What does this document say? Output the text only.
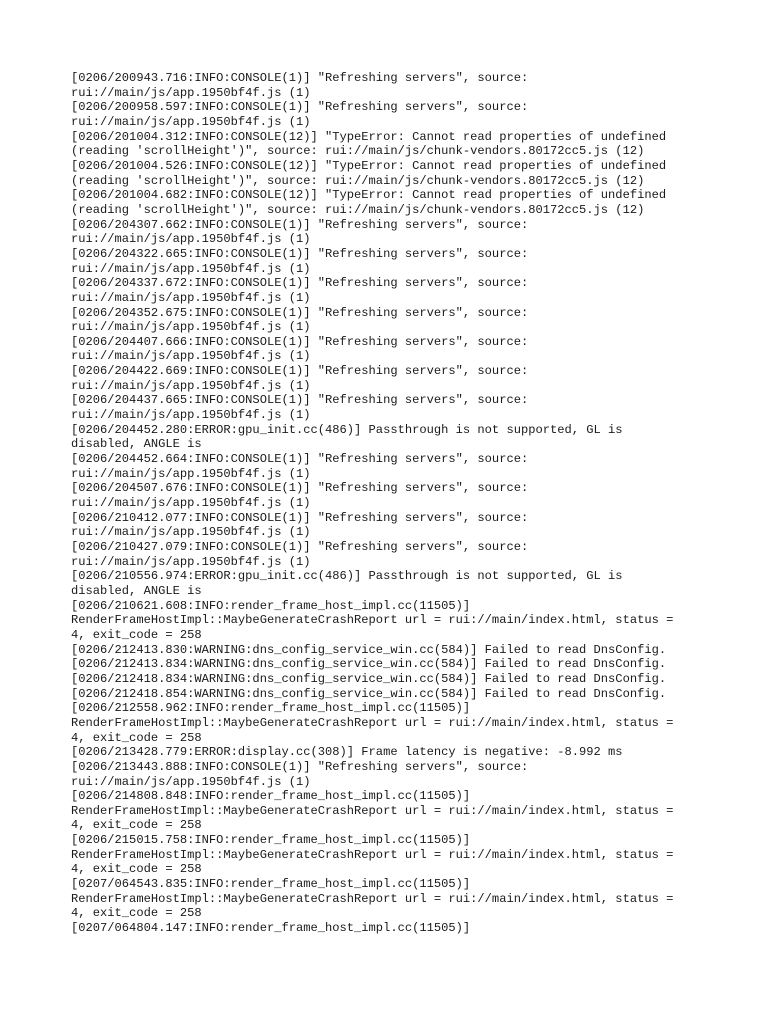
[0206/200943.716:INFO:CONSOLE(1)] "Refreshing servers", source:
rui://main/js/app.1950bf4f.js (1)
[0206/200958.597:INFO:CONSOLE(1)] "Refreshing servers", source:
rui://main/js/app.1950bf4f.js (1)
[0206/201004.312:INFO:CONSOLE(12)] "TypeError: Cannot read properties of undefined
(reading 'scrollHeight')", source: rui://main/js/chunk-vendors.80172cc5.js (12)
[0206/201004.526:INFO:CONSOLE(12)] "TypeError: Cannot read properties of undefined
(reading 'scrollHeight')", source: rui://main/js/chunk-vendors.80172cc5.js (12)
[0206/201004.682:INFO:CONSOLE(12)] "TypeError: Cannot read properties of undefined
(reading 'scrollHeight')", source: rui://main/js/chunk-vendors.80172cc5.js (12)
[0206/204307.662:INFO:CONSOLE(1)] "Refreshing servers", source:
rui://main/js/app.1950bf4f.js (1)
[0206/204322.665:INFO:CONSOLE(1)] "Refreshing servers", source:
rui://main/js/app.1950bf4f.js (1)
[0206/204337.672:INFO:CONSOLE(1)] "Refreshing servers", source:
rui://main/js/app.1950bf4f.js (1)
[0206/204352.675:INFO:CONSOLE(1)] "Refreshing servers", source:
rui://main/js/app.1950bf4f.js (1)
[0206/204407.666:INFO:CONSOLE(1)] "Refreshing servers", source:
rui://main/js/app.1950bf4f.js (1)
[0206/204422.669:INFO:CONSOLE(1)] "Refreshing servers", source:
rui://main/js/app.1950bf4f.js (1)
[0206/204437.665:INFO:CONSOLE(1)] "Refreshing servers", source:
rui://main/js/app.1950bf4f.js (1)
[0206/204452.280:ERROR:gpu_init.cc(486)] Passthrough is not supported, GL is
disabled, ANGLE is
[0206/204452.664:INFO:CONSOLE(1)] "Refreshing servers", source:
rui://main/js/app.1950bf4f.js (1)
[0206/204507.676:INFO:CONSOLE(1)] "Refreshing servers", source:
rui://main/js/app.1950bf4f.js (1)
[0206/210412.077:INFO:CONSOLE(1)] "Refreshing servers", source:
rui://main/js/app.1950bf4f.js (1)
[0206/210427.079:INFO:CONSOLE(1)] "Refreshing servers", source:
rui://main/js/app.1950bf4f.js (1)
[0206/210556.974:ERROR:gpu_init.cc(486)] Passthrough is not supported, GL is
disabled, ANGLE is
[0206/210621.608:INFO:render_frame_host_impl.cc(11505)]
RenderFrameHostImpl::MaybeGenerateCrashReport url = rui://main/index.html, status =
4, exit_code = 258
[0206/212413.830:WARNING:dns_config_service_win.cc(584)] Failed to read DnsConfig.
[0206/212413.834:WARNING:dns_config_service_win.cc(584)] Failed to read DnsConfig.
[0206/212418.834:WARNING:dns_config_service_win.cc(584)] Failed to read DnsConfig.
[0206/212418.854:WARNING:dns_config_service_win.cc(584)] Failed to read DnsConfig.
[0206/212558.962:INFO:render_frame_host_impl.cc(11505)]
RenderFrameHostImpl::MaybeGenerateCrashReport url = rui://main/index.html, status =
4, exit_code = 258
[0206/213428.779:ERROR:display.cc(308)] Frame latency is negative: -8.992 ms
[0206/213443.888:INFO:CONSOLE(1)] "Refreshing servers", source:
rui://main/js/app.1950bf4f.js (1)
[0206/214808.848:INFO:render_frame_host_impl.cc(11505)]
RenderFrameHostImpl::MaybeGenerateCrashReport url = rui://main/index.html, status =
4, exit_code = 258
[0206/215015.758:INFO:render_frame_host_impl.cc(11505)]
RenderFrameHostImpl::MaybeGenerateCrashReport url = rui://main/index.html, status =
4, exit_code = 258
[0207/064543.835:INFO:render_frame_host_impl.cc(11505)]
RenderFrameHostImpl::MaybeGenerateCrashReport url = rui://main/index.html, status =
4, exit_code = 258
[0207/064804.147:INFO:render_frame_host_impl.cc(11505)]
